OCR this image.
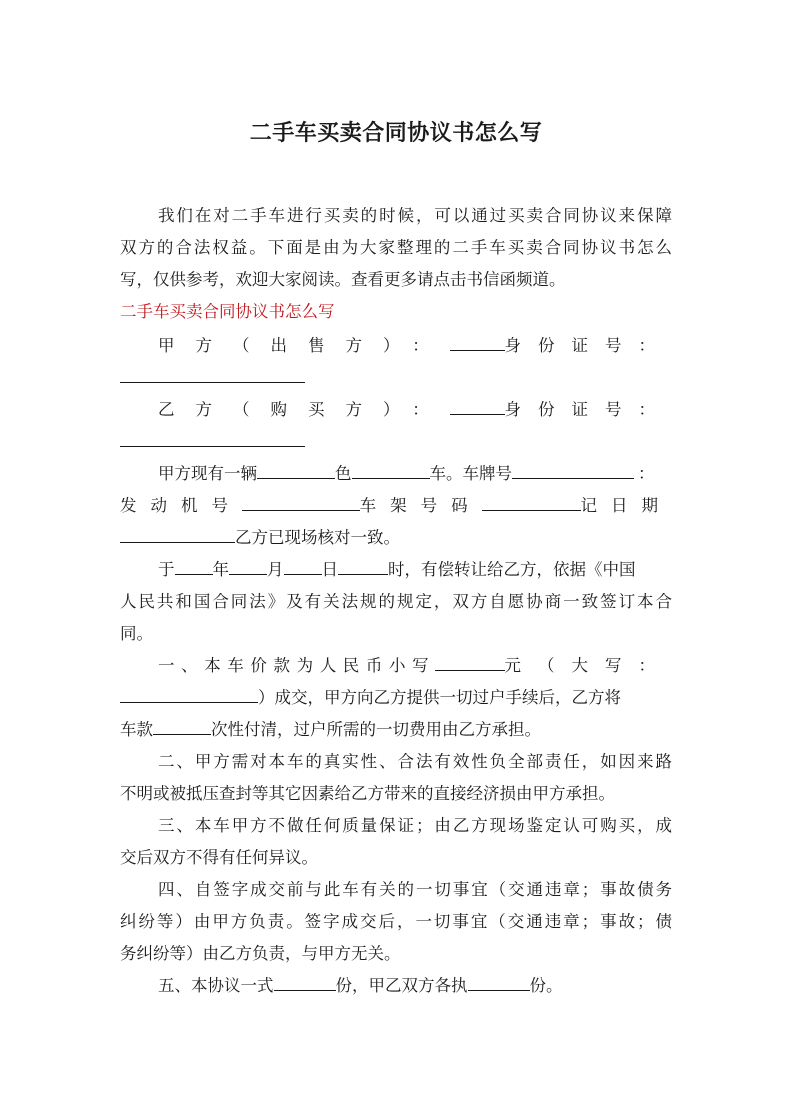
二手车买卖合同协议书怎么写
我们在对二手车进行买卖的时候，可以通过买卖合同协议来保障
双方的合法权益。下面是由为大家整理的二手车买卖合同协议书怎么
写，仅供参考，欢迎大家阅读。查看更多请点击书信函频道。
二手车买卖合同协议书怎么写
甲方（出售方）：	身份证号：
乙方（购买方）：	身份证号：
甲方现有一辆	色	车。车牌号	：
发动机号	车架号码	记日期
乙方已现场核对一致。
于 年 月 日	时，有偿转让给乙方，依据《中国
人民共和国合同法》及有关法规的规定，双方自愿协商一致签订本合
同。
一、本车价款为人民币小写	元（大写：
）成交，甲方向乙方提供一切过户手续后，乙方将
车款	次性付清，过户所需的一切费用由乙方承担。
二、甲方需对本车的真实性、合法有效性负全部责任，如因来路
不明或被抵压查封等其它因素给乙方带来的直接经济损由甲方承担。
三、本车甲方不做任何质量保证；由乙方现场鉴定认可购买，成
交后双方不得有任何异议。
四、自签字成交前与此车有关的一切事宜（交通违章；事故债务
纠纷等）由甲方负责。签字成交后，一切事宜（交通违章；事故；债
务纠纷等）由乙方负责，与甲方无关。
五、本协议一式	份，甲乙双方各执	份。
